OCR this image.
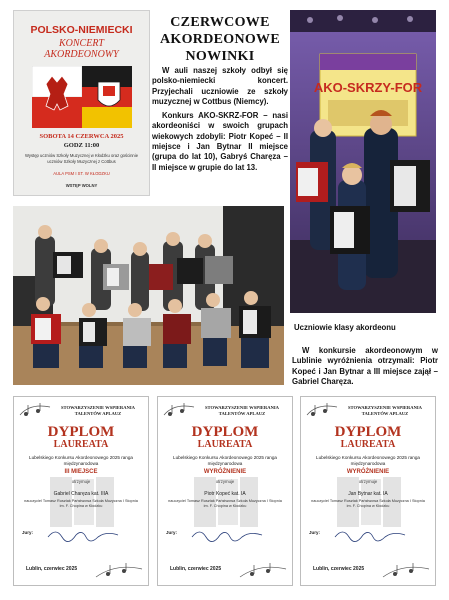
POLSKO-NIEMIECKI
KONCERT
AKORDEONOWY
SOBOTA 14 CZERWCA 2025
GODZ 11:00
Występ uczniów Szkoły Muzycznej w Kłodzku oraz gościnnie uczniów Szkoły Muzycznej z Cottbus
AULA PSM I ST. W KŁODZKU
WSTĘP WOLNY
CZERWCOWE AKORDEONOWE NOWINKI

W auli naszej szkoły odbył się polsko-niemiecki koncert. Przyjechali uczniowie ze szkoły muzycznej w Cottbus (Niemcy).

Konkurs AKO-SKRZ-FOR – nasi akordeoniści w swoich grupach wiekowych zdobyli: Piotr Kopeć – II miejsce i Jan Bytnar II miejsce (grupa do lat 10), Gabryś Charęza – II miejsce w grupie do lat 13.

AKO-SKRZY-FOR
Uczniowie klasy akordeonu

W konkursie akordeonowym w Lublinie wyróżnienia otrzymali: Piotr Kopeć i Jan Bytnar a III miejsce zajął – Gabriel Charęza.

STOWARZYSZENIE WSPIERANIA TALENTÓW APLAUZ
DYPLOM
LAUREATA
Lubelskiego Konkursu Akordeonowego 2025 ranga międzynarodowa
III MIEJSCE
otrzymuje
Gabriel Charęza kat. IIIA
nauczyciel Tomasz Rusztak Państwowa Szkoła Muzyczna I Stopnia im. F. Chopina w Kłodzku
Jury:
Lublin, czerwiec 2025
STOWARZYSZENIE WSPIERANIA TALENTÓW APLAUZ
DYPLOM
LAUREATA
Lubelskiego Konkursu Akordeonowego 2025 ranga międzynarodowa
WYRÓŻNIENIE
otrzymuje
Piotr Kopeć kat. IA
nauczyciel Tomasz Rusztak Państwowa Szkoła Muzyczna I Stopnia im. F. Chopina w Kłodzku
Jury:
Lublin, czerwiec 2025
STOWARZYSZENIE WSPIERANIA TALENTÓW APLAUZ
DYPLOM
LAUREATA
Lubelskiego Konkursu Akordeonowego 2025 ranga międzynarodowa
WYRÓŻNIENIE
otrzymuje
Jan Bytnar kat. IA
nauczyciel Tomasz Rusztak Państwowa Szkoła Muzyczna I Stopnia im. F. Chopina w Kłodzku
Jury:
Lublin, czerwiec 2025
